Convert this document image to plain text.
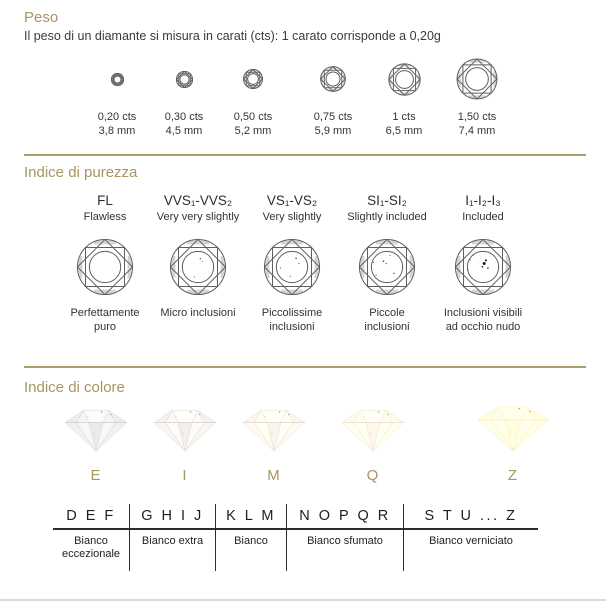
Peso
Il peso di un diamante si misura in carati (cts): 1 carato corrisponde a 0,20g
0,20 cts
3,8 mm
0,30 cts
4,5 mm
0,50 cts
5,2 mm
0,75 cts
5,9 mm
1 cts
6,5 mm
1,50 cts
7,4 mm
Indice di purezza
FL
Flawless
Perfettamente puro
VVS₁-VVS₂
Very very slightly
Micro inclusioni
VS₁-VS₂
Very slightly
Piccolissime inclusioni
SI₁-SI₂
Slightly included
Piccole inclusioni
I₁-I₂-I₃
Included
Inclusioni visibili ad occhio nudo
Indice di colore
E	I	M	Q	Z
D E F
Bianco eccezionale
G H I J
Bianco extra
K L M
Bianco
N O P Q R
Bianco sfumato
S T U ... Z
Bianco verniciato
